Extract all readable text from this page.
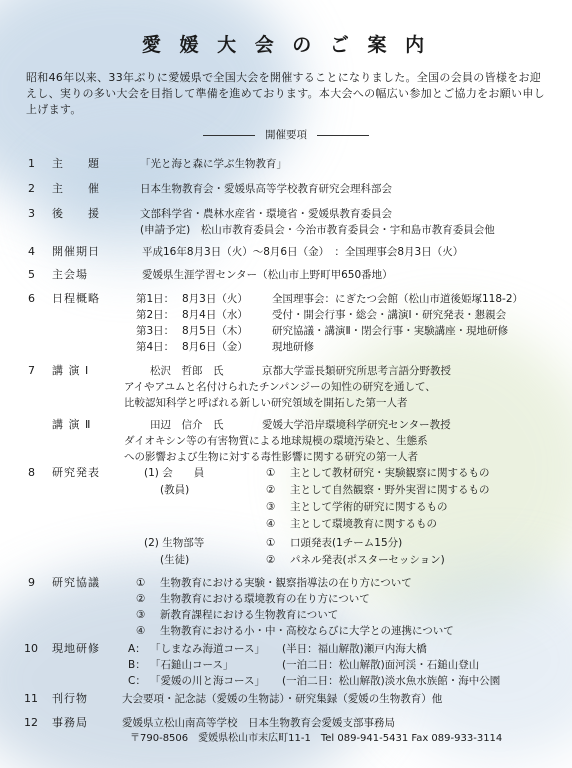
愛 媛 大 会 の ご 案 内
昭和46年以来、33年ぶりに愛媛県で全国大会を開催することになりました。全国の会員の皆様をお迎えし、実りの多い大会を目指して準備を進めております。本大会への幅広い参加とご協力をお願い申し上げます。
開催要項
1 主　　題	「光と海と森に学ぶ生物教育」
2 主　　催	日本生物教育会・愛媛県高等学校教育研究会理科部会
3 後　　援	文部科学省・農林水産省・環境省・愛媛県教育委員会
(申請予定)　松山市教育委員会・今治市教育委員会・宇和島市教育委員会他
4 開催期日	平成16年8月3日（火）～8月6日（金）　：全国理事会8月3日（火）
5 主会場	愛媛県生涯学習センター（松山市上野町甲650番地）
6 日程概略	第1日： 8月3日（火） 全国理事会：にぎたつ会館（松山市道後姫塚118-2）
第2日： 8月4日（水） 受付・開会行事・総会・講演Ⅰ・研究発表・懇親会
第3日： 8月5日（木） 研究協議・講演Ⅱ・閉会行事・実験講座・現地研修
第4日： 8月6日（金） 現地研修
7 講 演 Ⅰ	松沢　哲郎　氏	京都大学霊長類研究所思考言語分野教授
アイやアユムと名付けられたチンパンジーの知性の研究を通して、
比較認知科学と呼ばれる新しい研究領域を開拓した第一人者
講 演 Ⅱ	田辺　信介　氏	愛媛大学沿岸環境科学研究センター教授
ダイオキシン等の有害物質による地球規模の環境汚染と、生態系
への影響および生物に対する毒性影響に関する研究の第一人者
8 研究発表	(1) 会　　員
(教員)
① 主として教材研究・実験観察に関するもの
② 主として自然観察・野外実習に関するもの
③ 主として学術的研究に関するもの
④ 主として環境教育に関するもの
(2) 生物部等
(生徒)
① 口頭発表(1チーム15分)
② パネル発表(ポスターセッション)
9 研究協議	① 生物教育における実験・観察指導法の在り方について
② 生物教育における環境教育の在り方について
③ 新教育課程における生物教育について
④ 生物教育における小・中・高校ならびに大学との連携について
10 現地研修	A： 「しまなみ海道コース」 (半日：福山解散)瀬戸内海大橋
B： 「石鎚山コース」	(一泊二日：松山解散)面河渓・石鎚山登山
C： 「愛媛の川と海コース」 (一泊二日：松山解散)淡水魚水族館・海中公園
11 刊行物	大会要項・記念誌（愛媛の生物誌）・研究集録（愛媛の生物教育）他
12 事務局	愛媛県立松山南高等学校　日本生物教育会愛媛支部事務局
〒790-8506　愛媛県松山市末広町11-1　Tel 089-941-5431 Fax 089-933-3114
